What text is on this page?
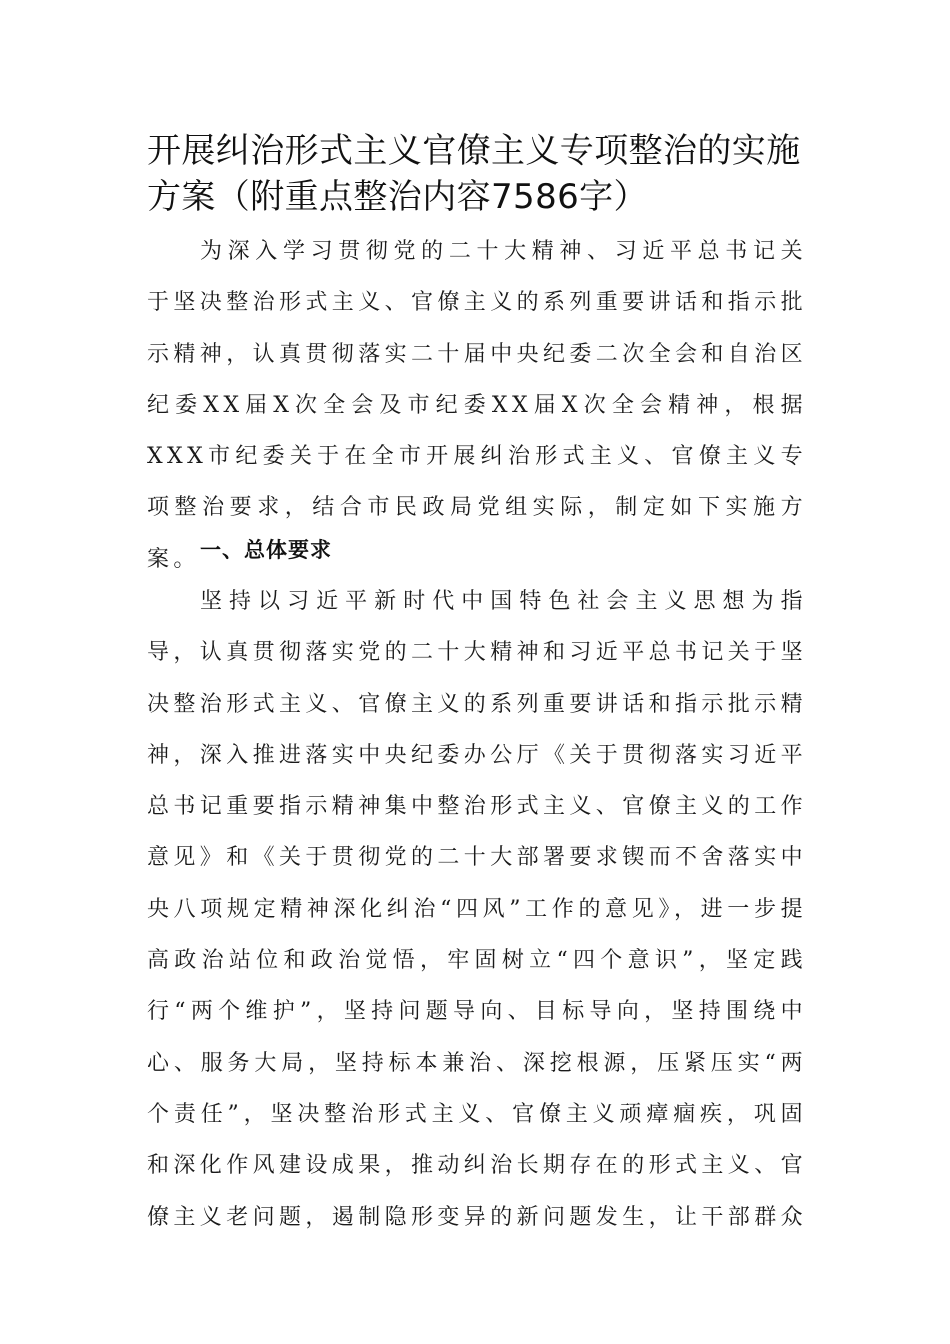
开展纠治形式主义官僚主义专项整治的实施方案（附重点整治内容7586字）

为深入学习贯彻党的二十大精神、习近平总书记关于坚决整治形式主义、官僚主义的系列重要讲话和指示批示精神，认真贯彻落实二十届中央纪委二次全会和自治区纪委XX届X次全会及市纪委XX届X次全会精神，根据XXX市纪委关于在全市开展纠治形式主义、官僚主义专项整治要求，结合市民政局党组实际，制定如下实施方案。 一、总体要求

坚持以习近平新时代中国特色社会主义思想为指导，认真贯彻落实党的二十大精神和习近平总书记关于坚决整治形式主义、官僚主义的系列重要讲话和指示批示精神，深入推进落实中央纪委办公厅《关于贯彻落实习近平总书记重要指示精神集中整治形式主义、官僚主义的工作意见》和《关于贯彻党的二十大部署要求锲而不舍落实中央八项规定精神深化纠治“四风”工作的意见》，进一步提高政治站位和政治觉悟，牢固树立“四个意识”，坚定践行“两个维护”，坚持问题导向、目标导向，坚持围绕中心、服务大局，坚持标本兼治、深挖根源，压紧压实“两个责任”，坚决整治形式主义、官僚主义顽瘴痼疾，巩固和深化作风建设成果，推动纠治长期存在的形式主义、官僚主义老问题，遏制隐形变异的新问题发生，让干部群众
